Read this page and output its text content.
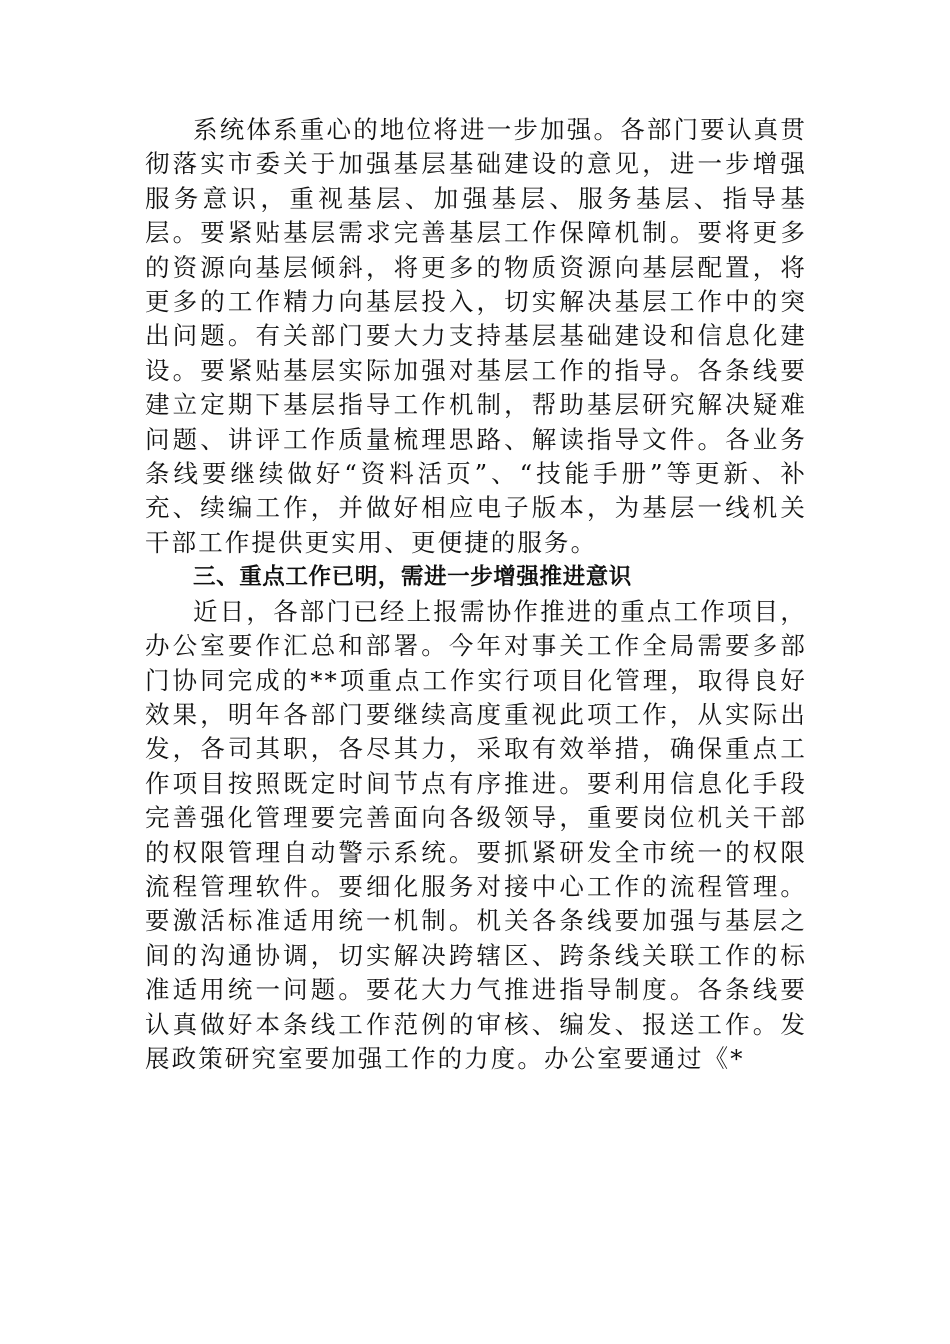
系统体系重心的地位将进一步加强。各部门要认真贯彻落实市委关于加强基层基础建设的意见，进一步增强服务意识，重视基层、加强基层、服务基层、指导基层。要紧贴基层需求完善基层工作保障机制。要将更多的资源向基层倾斜，将更多的物质资源向基层配置，将更多的工作精力向基层投入，切实解决基层工作中的突出问题。有关部门要大力支持基层基础建设和信息化建设。要紧贴基层实际加强对基层工作的指导。各条线要建立定期下基层指导工作机制，帮助基层研究解决疑难问题、讲评工作质量梳理思路、解读指导文件。各业务条线要继续做好“资料活页”、“技能手册”等更新、补充、续编工作，并做好相应电子版本，为基层一线机关干部工作提供更实用、更便捷的服务。

三、重点工作已明，需进一步增强推进意识

近日，各部门已经上报需协作推进的重点工作项目，办公室要作汇总和部署。今年对事关工作全局需要多部门协同完成的**项重点工作实行项目化管理，取得良好效果，明年各部门要继续高度重视此项工作，从实际出发，各司其职，各尽其力，采取有效举措，确保重点工作项目按照既定时间节点有序推进。要利用信息化手段完善强化管理要完善面向各级领导，重要岗位机关干部的权限管理自动警示系统。要抓紧研发全市统一的权限流程管理软件。要细化服务对接中心工作的流程管理。要激活标准适用统一机制。机关各条线要加强与基层之间的沟通协调，切实解决跨辖区、跨条线关联工作的标准适用统一问题。要花大力气推进指导制度。各条线要认真做好本条线工作范例的审核、编发、报送工作。发展政策研究室要加强工作的力度。办公室要通过《*
